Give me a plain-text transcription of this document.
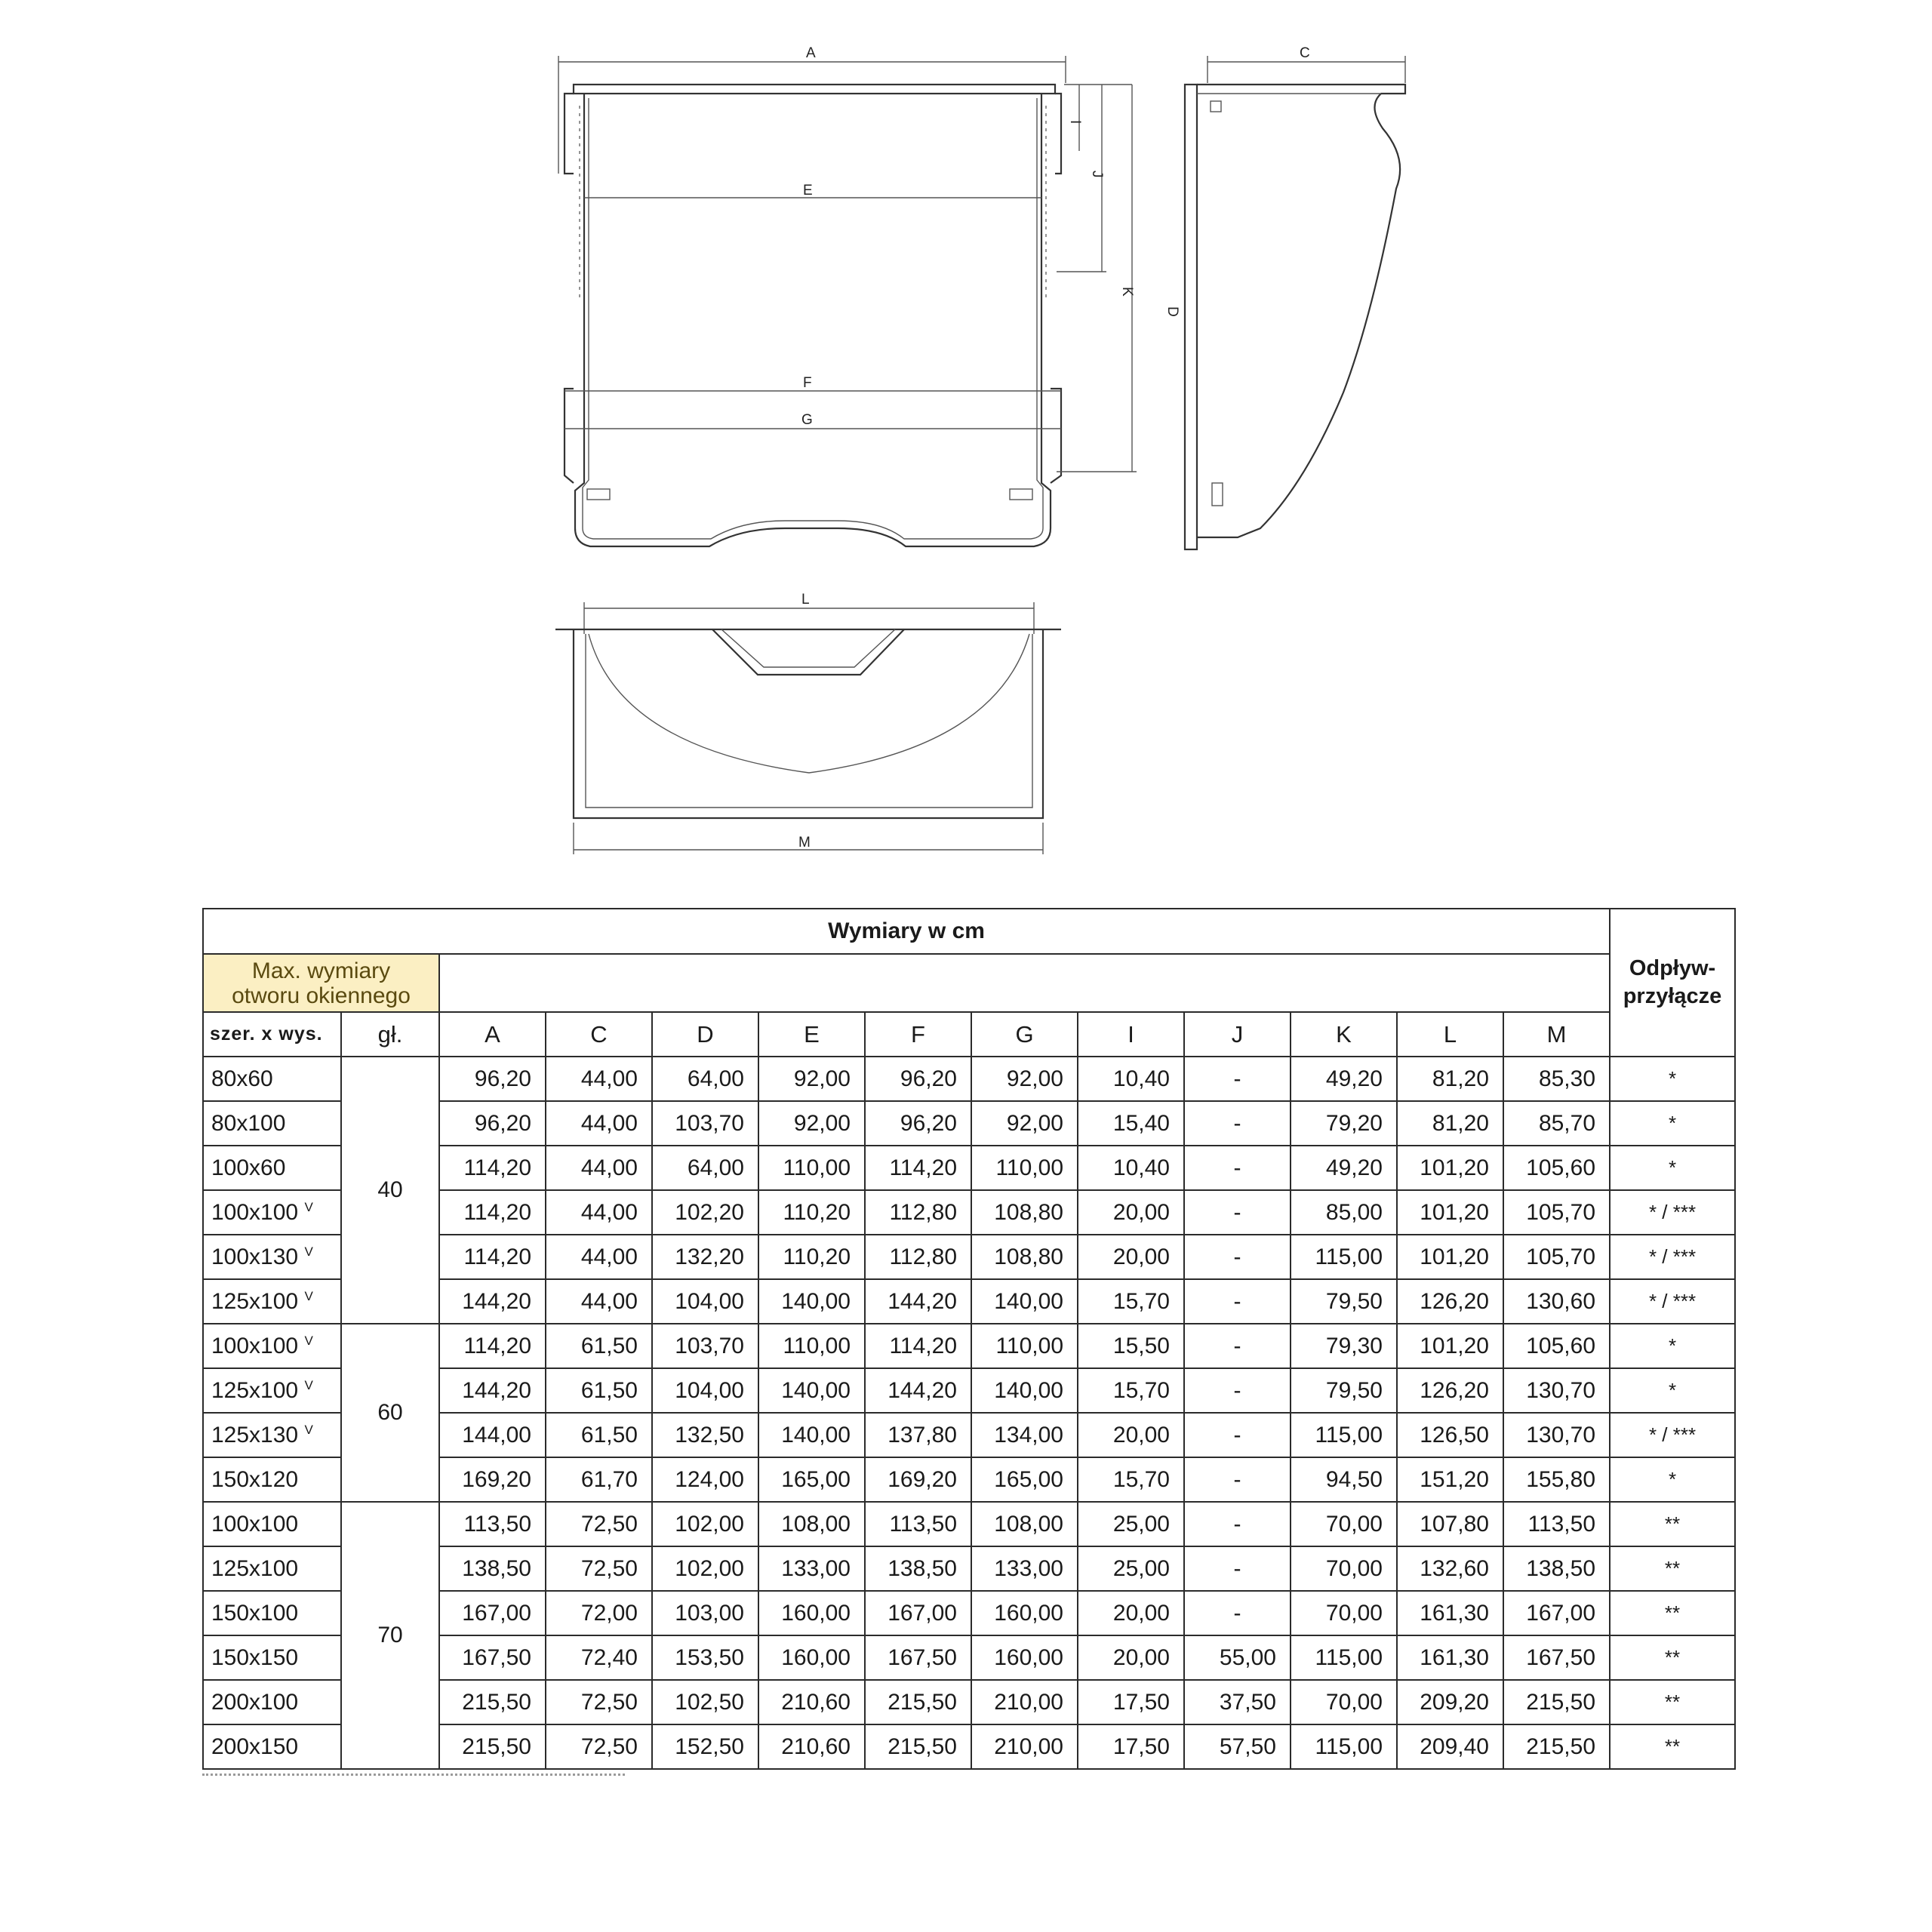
A
E
F
G
I
J
K
C
D
L
M
Wymiary w cm													Odpływ-
przyłącze
Max. wymiary
otworu okiennego													
szer. x wys.	gł.	A	C	D	E	F	G	I	J	K	L	M	
80x60	40	96,20	44,00	64,00	92,00	96,20	92,00	10,40	-	49,20	81,20	85,30	*
80x100		96,20	44,00	103,70	92,00	96,20	92,00	15,40	-	79,20	81,20	85,70	*
100x60		114,20	44,00	64,00	110,00	114,20	110,00	10,40	-	49,20	101,20	105,60	*
100x100 $^V$		114,20	44,00	102,20	110,20	112,80	108,80	20,00	-	85,00	101,20	105,70	* / ***
100x130 $^V$		114,20	44,00	132,20	110,20	112,80	108,80	20,00	-	115,00	101,20	105,70	* / ***
125x100 $^V$		144,20	44,00	104,00	140,00	144,20	140,00	15,70	-	79,50	126,20	130,60	* / ***
100x100 $^V$	60	114,20	61,50	103,70	110,00	114,20	110,00	15,50	-	79,30	101,20	105,60	*
125x100 $^V$		144,20	61,50	104,00	140,00	144,20	140,00	15,70	-	79,50	126,20	130,70	*
125x130 $^V$		144,00	61,50	132,50	140,00	137,80	134,00	20,00	-	115,00	126,50	130,70	* / ***
150x120		169,20	61,70	124,00	165,00	169,20	165,00	15,70	-	94,50	151,20	155,80	*
100x100	70	113,50	72,50	102,00	108,00	113,50	108,00	25,00	-	70,00	107,80	113,50	**
125x100		138,50	72,50	102,00	133,00	138,50	133,00	25,00	-	70,00	132,60	138,50	**
150x100		167,00	72,00	103,00	160,00	167,00	160,00	20,00	-	70,00	161,30	167,00	**
150x150		167,50	72,40	153,50	160,00	167,50	160,00	20,00	55,00	115,00	161,30	167,50	**
200x100		215,50	72,50	102,50	210,60	215,50	210,00	17,50	37,50	70,00	209,20	215,50	**
200x150		215,50	72,50	152,50	210,60	215,50	210,00	17,50	57,50	115,00	209,40	215,50	**
